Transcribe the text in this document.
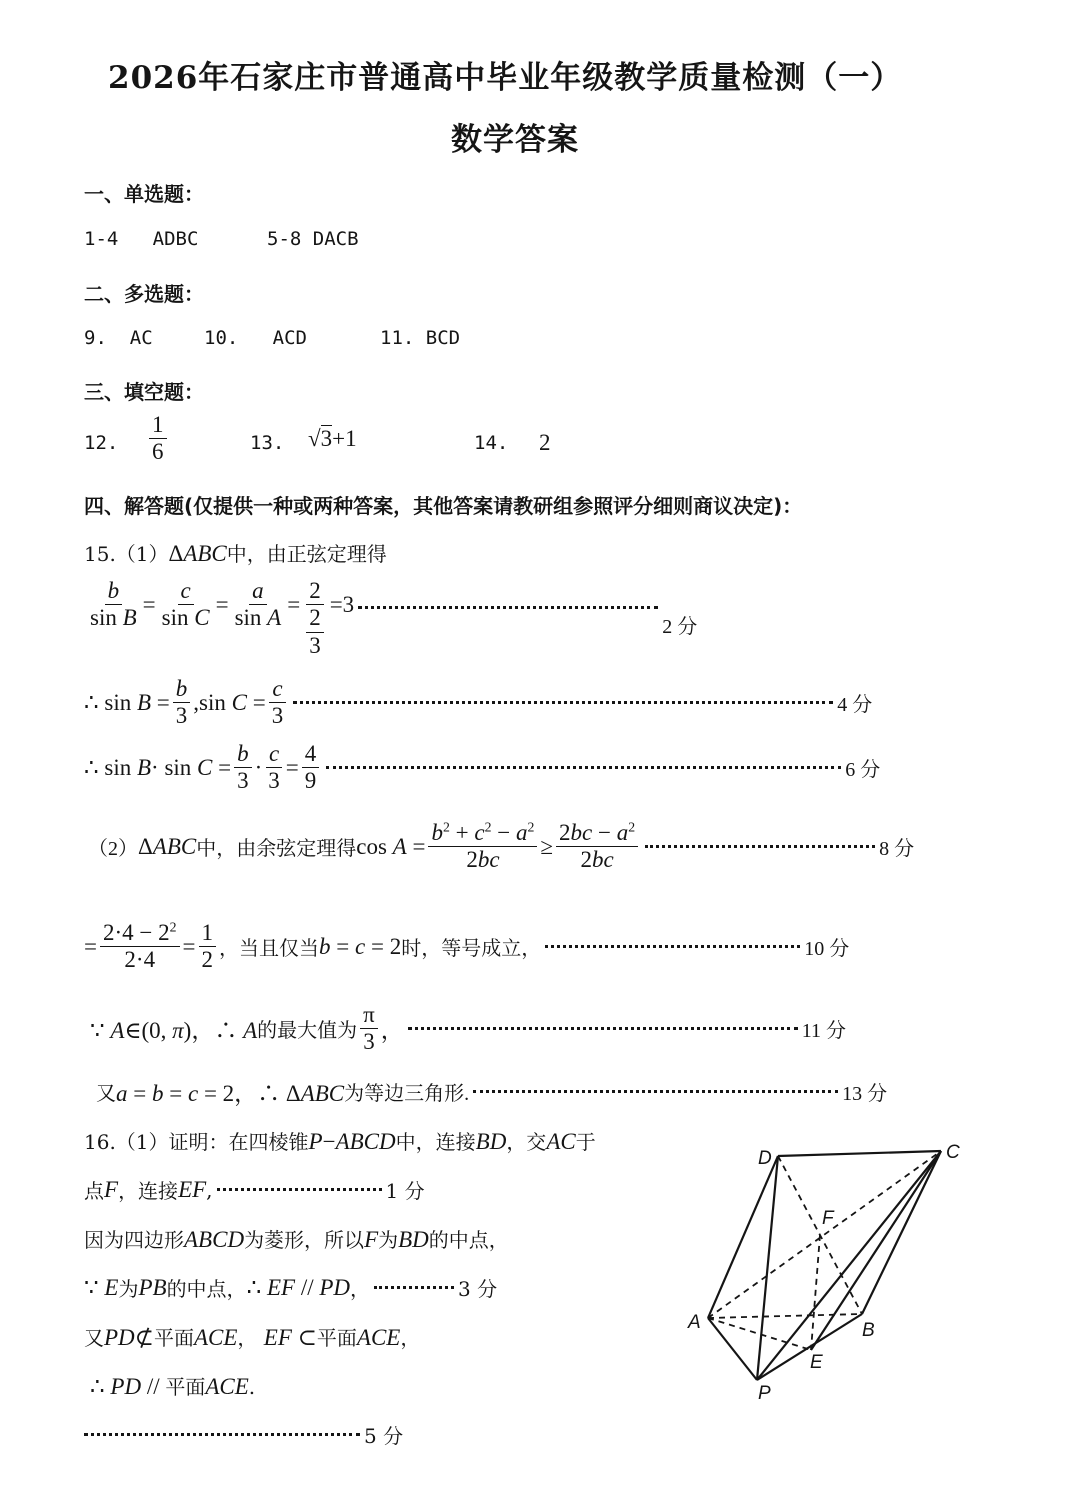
2026年石家庄市普通高中毕业年级教学质量检测（一）
数学答案
一、单选题：
1-4   ADBC      5-8 DACB
二、多选题：
9.  AC	10.   ACD	11. BCD
三、填空题：
12. $\frac{1}{6}$	13. √3+1	14. 2
四、解答题(仅提供一种或两种答案，其他答案请教研组参照评分细则商议决定)：
15.（1）ΔABC中，由正弦定理得
$\frac{b}{\text{sin B}} = \frac{c}{\text{sin C}} = \frac{a}{\text{sin A}} = \frac{2}{\frac{2}{3}} =3$
2 分
∴ $\sin B = \frac{b}{3} ,\sin$ $C = \frac{c}{3}$	4 分
∴ $\sin B\cdot \sin C = \frac{b}{3} \cdot \frac{c}{3} = \frac{4}{9}$	6 分
（2） ΔABC 中，由余弦定理得 $\cos A = \frac{b^2 + c^2 - a^2}{2bc} \ge \frac{2bc - a^2}{2bc}$	8 分
= $\frac{2\cdot 4 - 2^2}{2\cdot 4} = \frac{1}{2}$ ，当且仅当 b = c = 2 时，等号成立，	10 分
∵ A∈(0, π)，∴ A 的最大值为 $\frac{\pi}{3}$ ，	11 分
又 a = b = c = 2，∴ ΔABC 为等边三角形.	13 分
16.（1）证明：在四棱锥P−ABCD中，连接BD，交AC于
点 F ，连接 EF ,	1 分
因为四边形ABCD为菱形，所以F为BD的中点，
∵ E 为 PB 的中点， ∴ EF // PD ，	3 分
又PD⊄平面ACE， EF ⊂平面ACE，
∴ PD // 平面ACE.
5 分
D	C
F
A	B
E
P
